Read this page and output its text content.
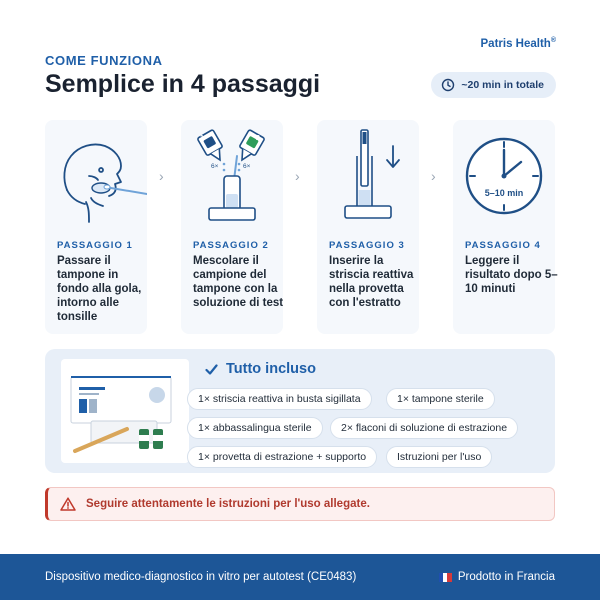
Patris Health®
COME FUNZIONA
Semplice in 4 passaggi	~20 min in totale
PASSAGGIO 1
Passare il tampone in fondo alla gola, intorno alle tonsille
›
1	2
6×	6×
PASSAGGIO 2
Mescolare il campione del tampone con la soluzione di test
›
PASSAGGIO 3
Inserire la striscia reattiva nella provetta con l'estratto
›
5–10 min
PASSAGGIO 4
Leggere il risultato dopo 5–10 minuti
Tutto incluso
1× striscia reattiva in busta sigillata	1× tampone sterile
1× abbassalingua sterile	2× flaconi di soluzione di estrazione
1× provetta di estrazione + supporto	Istruzioni per l'uso
Seguire attentamente le istruzioni per l'uso allegate.
Dispositivo medico-diagnostico in vitro per autotest (CE0483)	Prodotto in Francia
